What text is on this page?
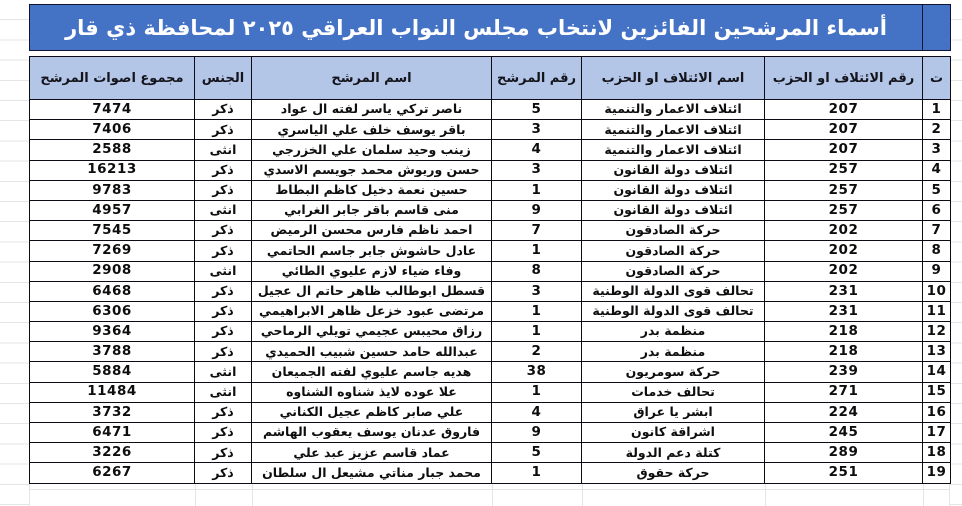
	أسماء المرشحين الفائزين لانتخاب مجلس النواب العراقي ٢٠٢٥ لمحافظة ذي قار					

ت	رقم الائتلاف او الحزب	اسم الائتلاف او الحزب	رقم المرشح	اسم المرشح	الجنس	مجموع اصوات المرشح
1	207	ائتلاف الاعمار والتنمية	5	ناصر تركي ياسر لفته ال عواد	ذكر	7474
2	207	ائتلاف الاعمار والتنمية	3	باقر يوسف خلف علي الياسري	ذكر	7406
3	207	ائتلاف الاعمار والتنمية	4	زينب وحيد سلمان علي الخزرجي	انثى	2588
4	257	ائتلاف دولة القانون	3	حسن وريوش محمد جويسم الاسدي	ذكر	16213
5	257	ائتلاف دولة القانون	1	حسين نعمة دخيل كاظم البطاط	ذكر	9783
6	257	ائتلاف دولة القانون	9	منى قاسم باقر جابر الغرابي	انثى	4957
7	202	حركة الصادقون	7	احمد ناظم فارس محسن الرميض	ذكر	7545
8	202	حركة الصادقون	1	عادل حاشوش جابر جاسم الحاتمي	ذكر	7269
9	202	حركة الصادقون	8	وفاء ضياء لازم عليوي الطائي	انثى	2908
10	231	تحالف قوى الدولة الوطنية	3	قسطل ابوطالب ظاهر حاتم ال عجيل	ذكر	6468
11	231	تحالف قوى الدولة الوطنية	1	مرتضى عبود خزعل ظاهر الابراهيمي	ذكر	6306
12	218	منظمة بدر	1	رزاق محيبس عجيمي تويلي الرماحي	ذكر	9364
13	218	منظمة بدر	2	عبدالله حامد حسين شبيب الحميدي	ذكر	3788
14	239	حركة سومريون	38	هديه جاسم عليوي لفته الجميعان	انثى	5884
15	271	تحالف خدمات	1	علا عوده لايذ شناوه الشناوه	انثى	11484
16	224	ابشر يا عراق	4	علي صابر كاظم عجيل الكناني	ذكر	3732
17	245	اشراقة كانون	9	فاروق عدنان يوسف يعقوب الهاشم	ذكر	6471
18	289	كتلة دعم الدولة	5	عماد قاسم عزيز عبد علي	ذكر	3226
19	251	حركة حقوق	1	محمد جبار مناتي مشيعل ال سلطان	ذكر	6267
